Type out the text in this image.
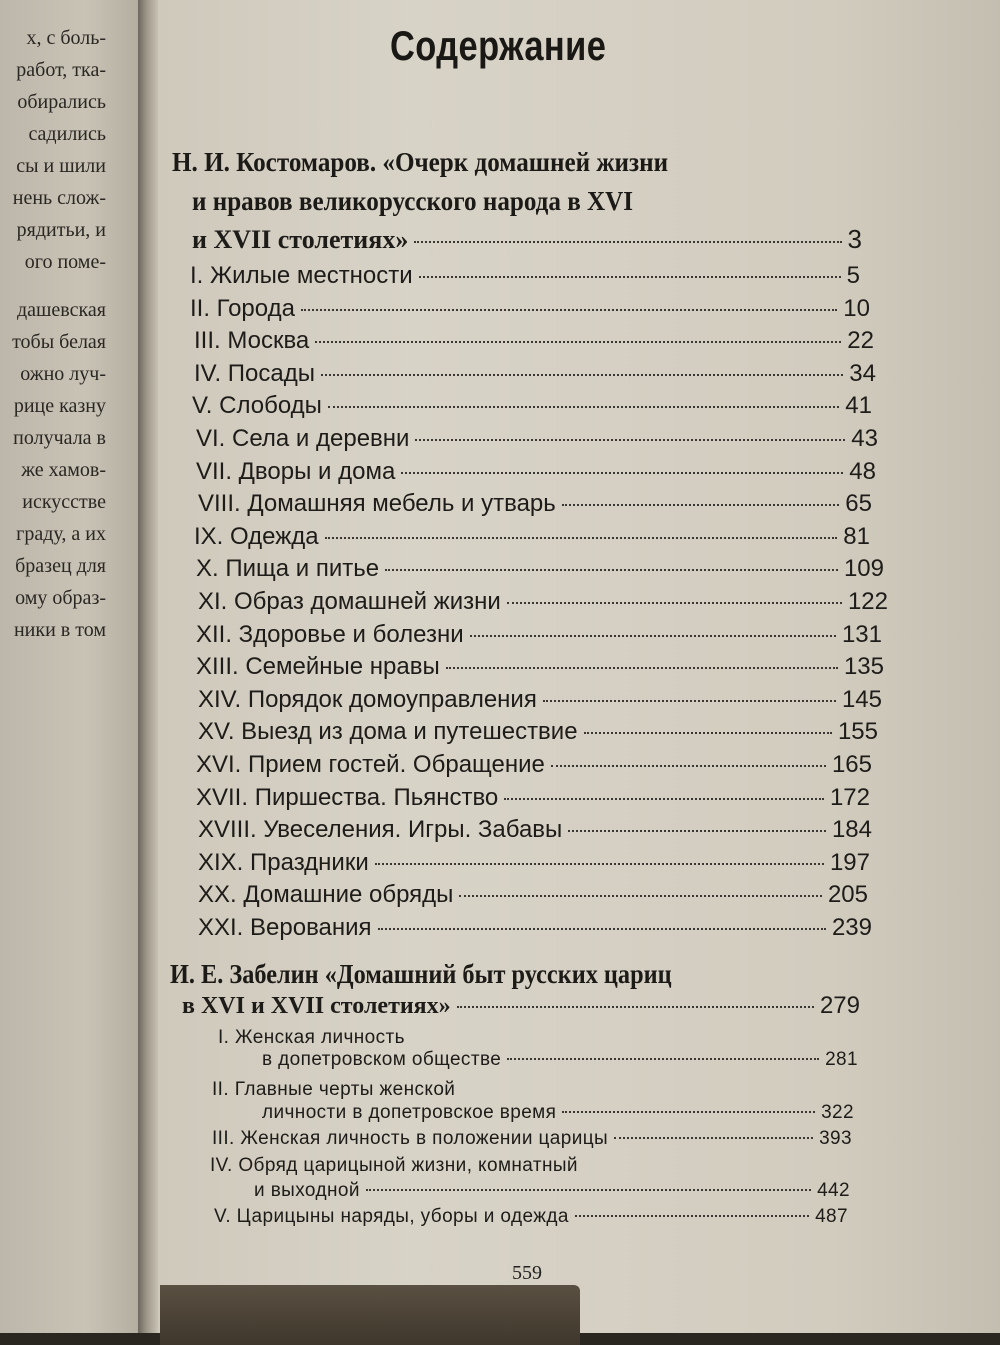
х, с боль-
работ, тка-
обирались
садились
сы и шили
нень слож-
рядитьи, и
ого поме-
дашевская
тобы белая
ожно луч-
рице казну
получала в
же хамов-
искусстве
граду, а их
бразец для
ому образ-
ники в том
Содержание
Н. И. Костомаров. «Очерк домашней жизни
и нравов великорусского народа в XVI
и XVII столетиях»	3
I. Жилые местности	5
II. Города	10
III. Москва	22
IV. Посады	34
V. Слободы	41
VI. Села и деревни	43
VII. Дворы и дома	48
VIII. Домашняя мебель и утварь	65
IX. Одежда	81
X. Пища и питье	109
XI. Образ домашней жизни	122
XII. Здоровье и болезни	131
XIII. Семейные нравы	135
XIV. Порядок домоуправления	145
XV. Выезд из дома и путешествие	155
XVI. Прием гостей. Обращение	165
XVII. Пиршества. Пьянство	172
XVIII. Увеселения. Игры. Забавы	184
XIX. Праздники	197
XX. Домашние обряды	205
XXI. Верования	239
И. Е. Забелин «Домашний быт русских цариц
в XVI и XVII столетиях»	279
I. Женская личность
в допетровском обществе	281
II. Главные черты женской
личности в допетровское время	322
III. Женская личность в положении царицы	393
IV. Обряд царицыной жизни, комнатный
и выходной	442
V. Царицыны наряды, уборы и одежда	487
559
